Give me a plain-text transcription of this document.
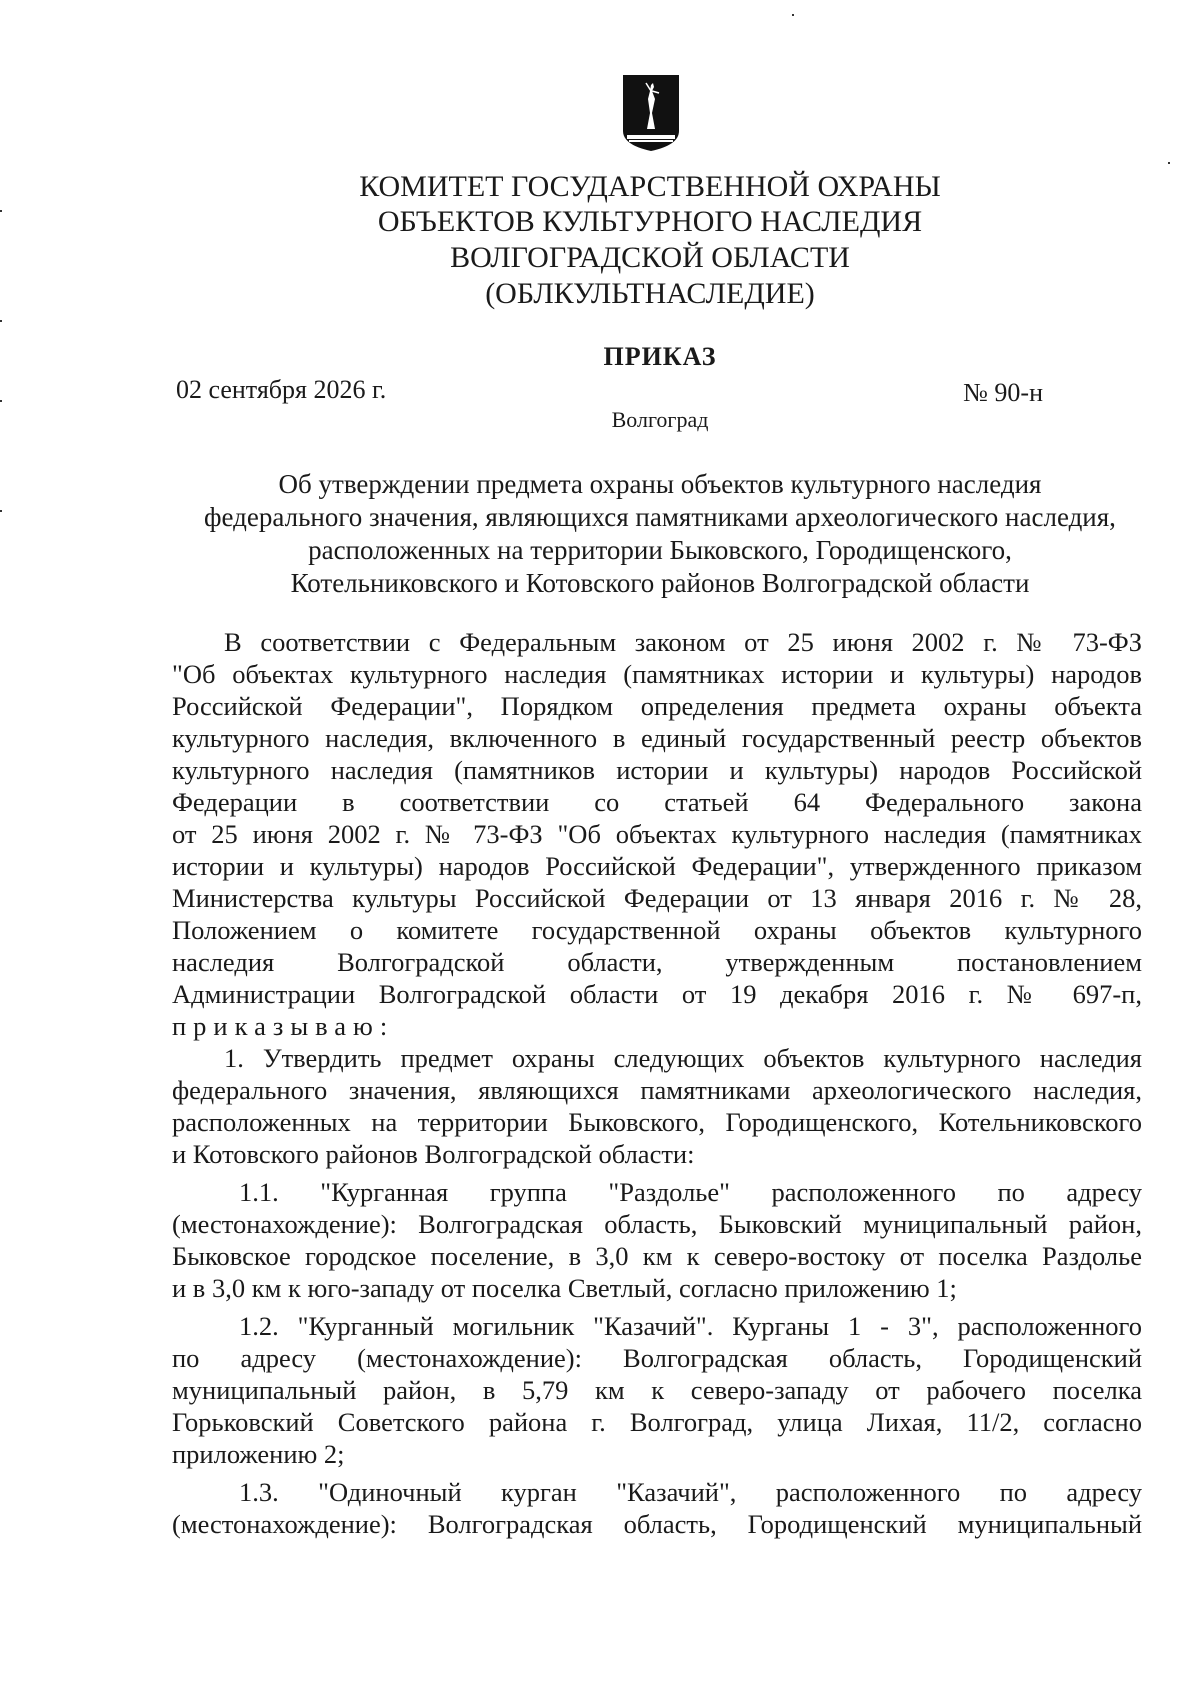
КОМИТЕТ ГОСУДАРСТВЕННОЙ ОХРАНЫ
ОБЪЕКТОВ КУЛЬТУРНОГО НАСЛЕДИЯ
ВОЛГОГРАДСКОЙ ОБЛАСТИ
(ОБЛКУЛЬТНАСЛЕДИЕ)
ПРИКАЗ
02 сентября 2026 г.	№ 90-н
Волгоград
Об утверждении предмета охраны объектов культурного наследия
федерального значения, являющихся памятниками археологического наследия,
расположенных на территории Быковского, Городищенского,
Котельниковского и Котовского районов Волгоградской области
В соответствии с Федеральным законом от 25 июня 2002 г. № 73-ФЗ
"Об объектах культурного наследия (памятниках истории и культуры) народов
Российской Федерации", Порядком определения предмета охраны объекта
культурного наследия, включенного в единый государственный реестр объектов
культурного наследия (памятников истории и культуры) народов Российской
Федерации в соответствии со статьей 64 Федерального закона
от 25 июня 2002 г. № 73-ФЗ "Об объектах культурного наследия (памятниках
истории и культуры) народов Российской Федерации", утвержденного приказом
Министерства культуры Российской Федерации от 13 января 2016 г. № 28,
Положением о комитете государственной охраны объектов культурного
наследия Волгоградской области, утвержденным постановлением
Администрации Волгоградской области от 19 декабря 2016 г. № 697-п,
приказываю:
1. Утвердить предмет охраны следующих объектов культурного наследия
федерального значения, являющихся памятниками археологического наследия,
расположенных на территории Быковского, Городищенского, Котельниковского
и Котовского районов Волгоградской области:
1.1. "Курганная группа "Раздолье" расположенного по адресу
(местонахождение): Волгоградская область, Быковский муниципальный район,
Быковское городское поселение, в 3,0 км к северо-востоку от поселка Раздолье
и в 3,0 км к юго-западу от поселка Светлый, согласно приложению 1;
1.2. "Курганный могильник "Казачий". Курганы 1 - 3", расположенного
по адресу (местонахождение): Волгоградская область, Городищенский
муниципальный район, в 5,79 км к северо-западу от рабочего поселка
Горьковский Советского района г. Волгоград, улица Лихая, 11/2, согласно
приложению 2;
1.3. "Одиночный курган "Казачий", расположенного по адресу
(местонахождение): Волгоградская область, Городищенский муниципальный
